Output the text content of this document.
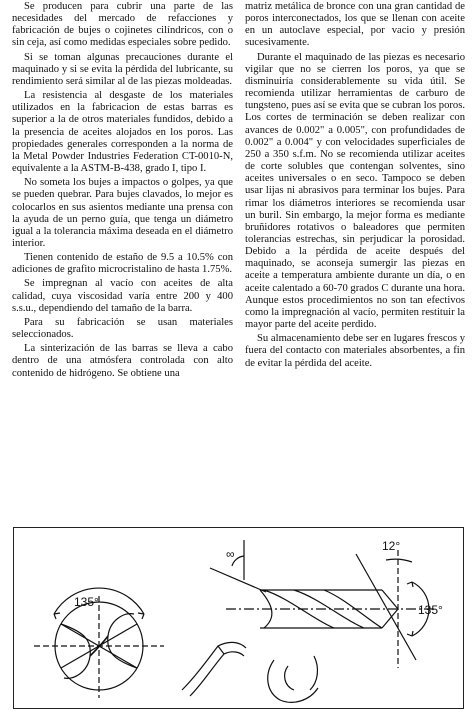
Se producen para cubrir una parte de las necesidades del mercado de refacciones y fabricación de bujes o cojinetes cilíndricos, con o sin ceja, así como medidas especiales sobre pedido.

Si se toman algunas precauciones durante el maquinado y si se evita la pérdida del lubricante, su rendimiento será similar al de las piezas moldeadas.

La resistencia al desgaste de los materiales utilizados en la fabricacion de estas barras es superior a la de otros materiales fundidos, debido a la presencia de aceites alojados en los poros. Las propiedades generales corresponden a la norma de la Metal Powder Industries Federation CT-0010-N, equivalente a la ASTM-B-438, grado I, tipo I.

No someta los bujes a impactos o golpes, ya que se pueden quebrar. Para bujes clavados, lo mejor es colocarlos en sus asientos mediante una prensa con la ayuda de un perno guía, que tenga un diámetro igual a la tolerancia máxima deseada en el diámetro interior.

Tienen contenido de estaño de 9.5 a 10.5% con adiciones de grafito microcristalino de hasta 1.75%.

Se impregnan al vacío con aceites de alta calidad, cuya viscosidad varía entre 200 y 400 s.s.u., dependiendo del tamaño de la barra.

Para su fabricación se usan materiales seleccionados.

La sinterización de las barras se lleva a cabo dentro de una atmósfera controlada con alto contenido de hidrógeno. Se obtiene una

matriz metálica de bronce con una gran cantidad de poros interconectados, los que se llenan con aceite en un autoclave especial, por vacio y presión sucesivamente.

Durante el maquinado de las piezas es necesario vigilar que no se cierren los poros, ya que se disminuiría considerablemente su vida útil. Se recomienda utilizar herramientas de carburo de tungsteno, pues así se evita que se cubran los poros. Los cortes de terminación se deben realizar con avances de 0.002" a 0.005", con profundidades de 0.002" a 0.004" y con velocidades superficiales de 250 a 350 s.f.m. No se recomienda utilizar aceites de corte solubles que contengan solventes, sino aceites universales o en seco. Tampoco se deben usar lijas ni abrasivos para terminar los bujes. Para rimar los diámetros interiores se recomienda usar un buril. Sin embargo, la mejor forma es mediante bruñidores rotativos o baleadores que permiten tolerancias estrechas, sin perjudicar la porosidad. Debido a la pérdida de aceite después del maquinado, se aconseja sumergir las piezas en aceite a temperatura ambiente durante un día, o en aceite calentado a 60-70 grados C durante una hora. Aunque estos procedimientos no son tan efectivos como la impregnación al vacío, permiten restituir la mayor parte del aceite perdido.

Su almacenamiento debe ser en lugares frescos y fuera del contacto con materiales absorbentes, a fin de evitar la pérdida del aceite.

135°
12°
135°
∞
